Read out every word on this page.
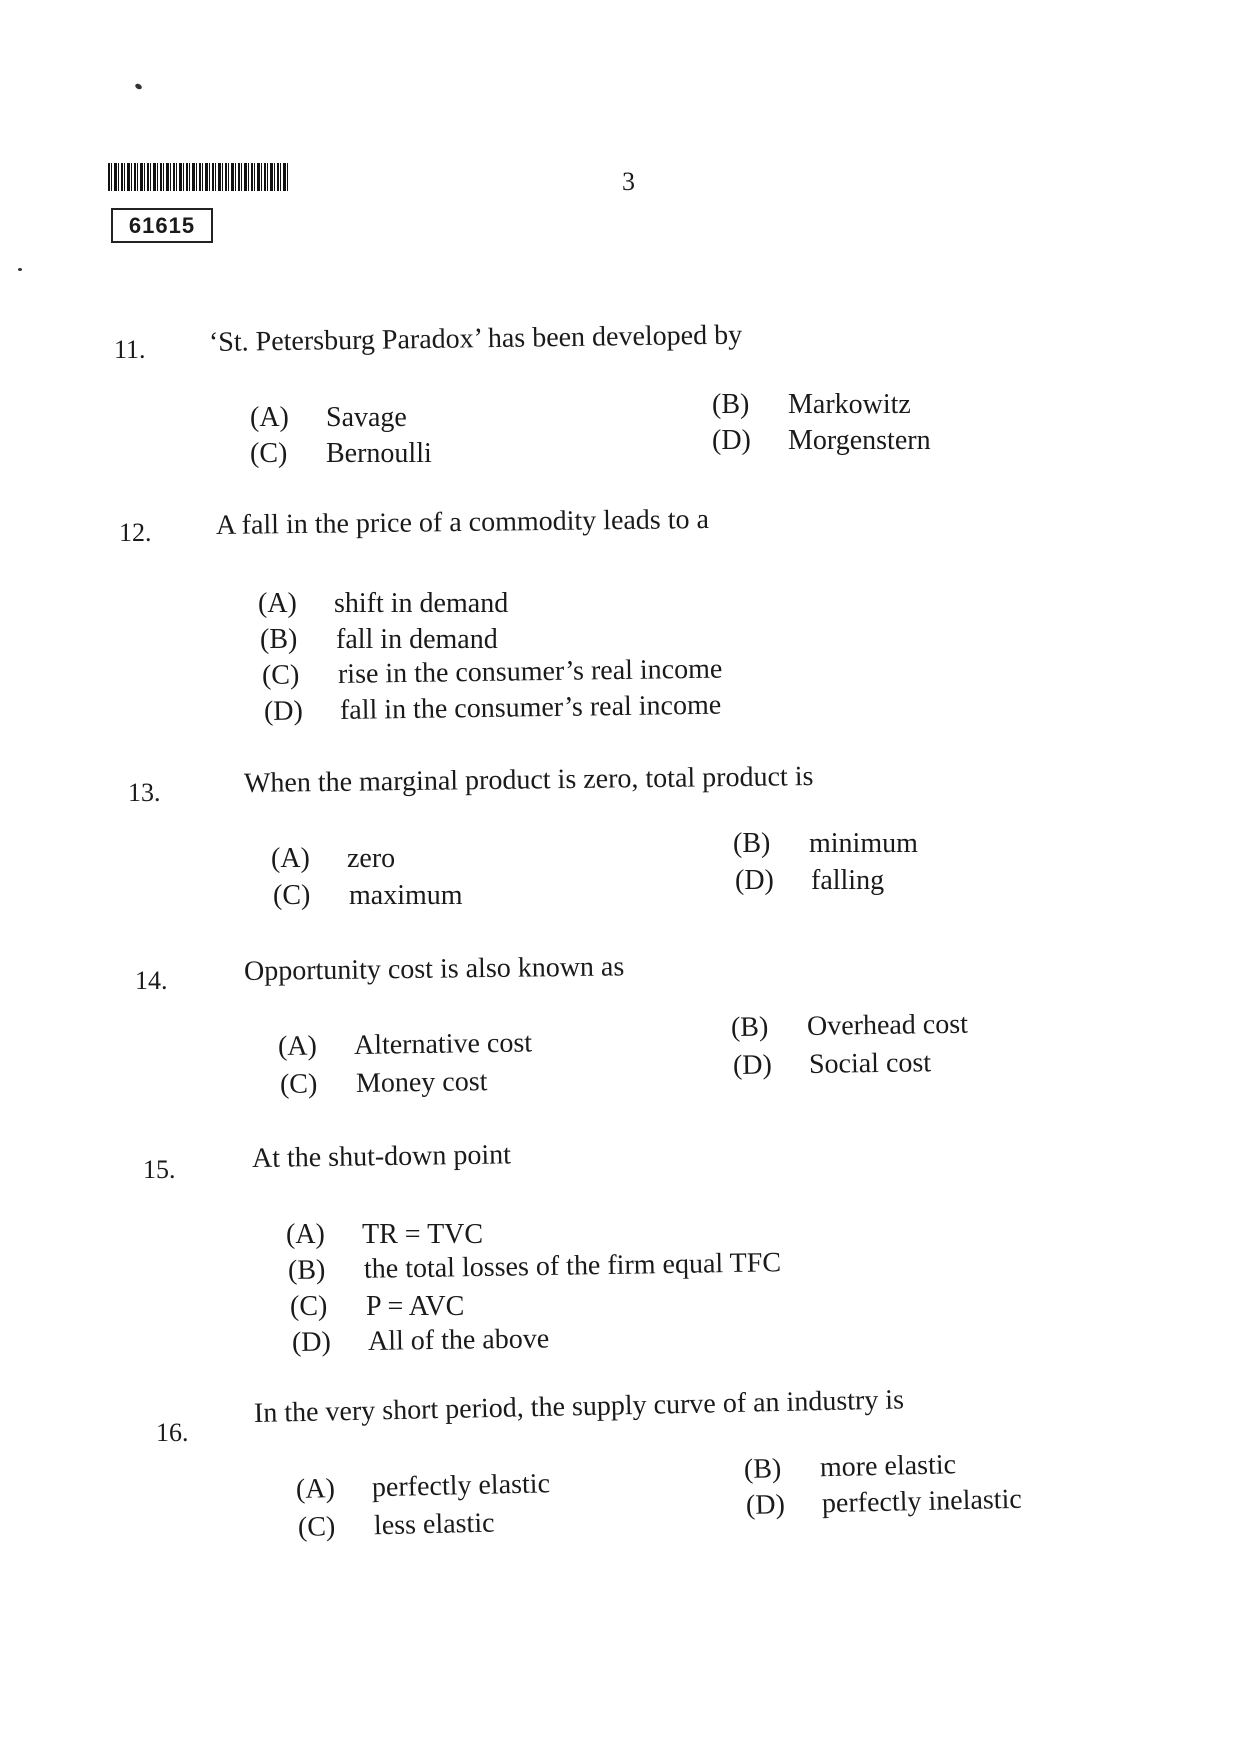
61615
3
11. ‘St. Petersburg Paradox’ has been developed by
(A) Savage	(B) Markowitz
(C) Bernoulli	(D) Morgenstern
12. A fall in the price of a commodity leads to a
(A) shift in demand
(B) fall in demand
(C) rise in the consumer’s real income
(D) fall in the consumer’s real income
13.	When the marginal product is zero, total product is
(A) zero	(B) minimum
(C) maximum	(D) falling
14.	Opportunity cost is also known as
(A) Alternative cost
(B) Overhead cost
(C) Money cost
(D) Social cost
15.	At the shut-down point
(A) TR = TVC
(B) the total losses of the firm equal TFC
(C) P = AVC
(D) All of the above
16.
In the very short period, the supply curve of an industry is
(A) perfectly elastic	(B) more elastic
(C) less elastic
(D) perfectly inelastic
